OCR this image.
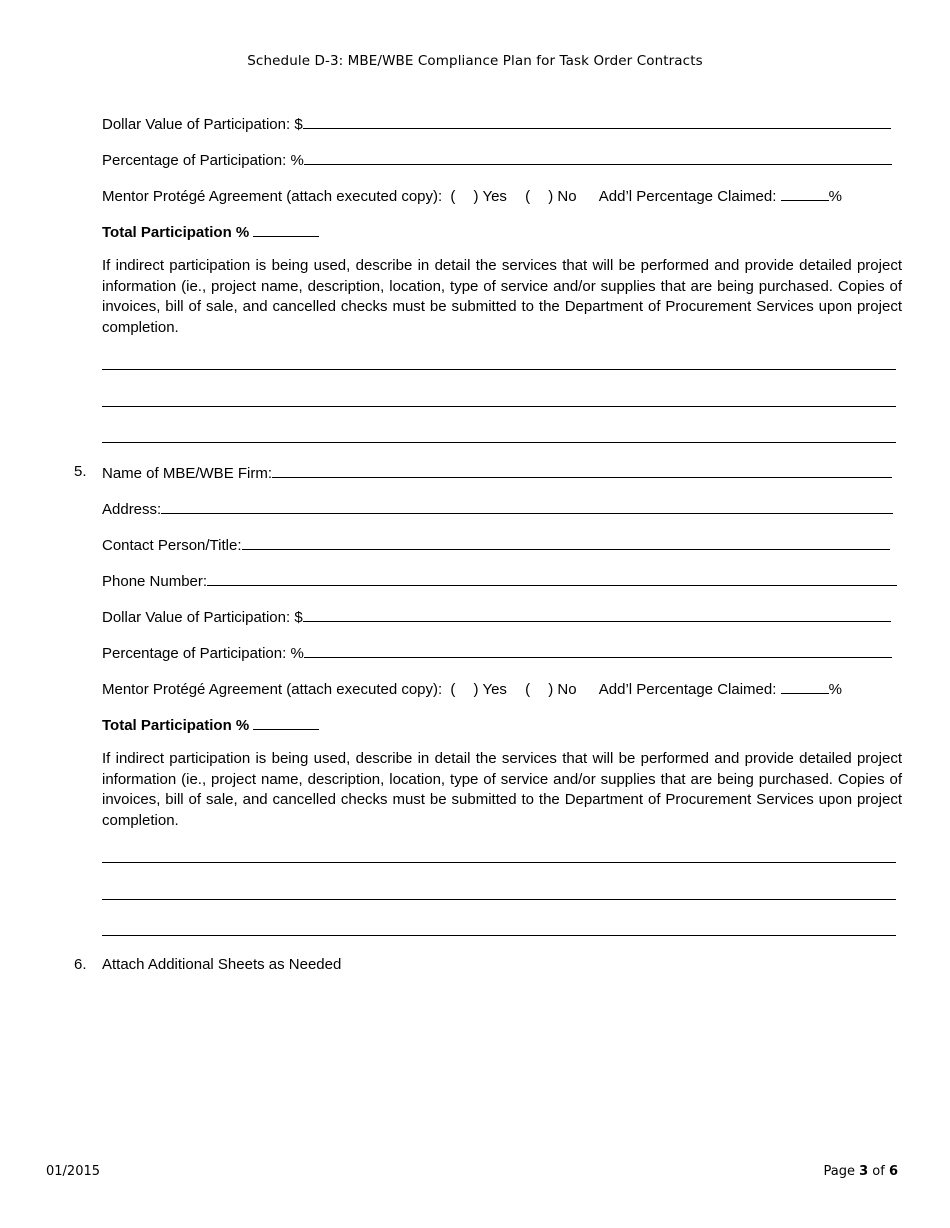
Schedule D-3: MBE/WBE Compliance Plan for Task Order Contracts
Dollar Value of Participation: $
Percentage of Participation: %
Mentor Protégé Agreement (attach executed copy): ( ) Yes ( ) No Add’l Percentage Claimed:	%
Total Participation %
If indirect participation is being used, describe in detail the services that will be performed and provide detailed project information (ie., project name, description, location, type of service and/or supplies that are being purchased. Copies of invoices, bill of sale, and cancelled checks must be submitted to the Department of Procurement Services upon project completion.
5. Name of MBE/WBE Firm:
Address:
Contact Person/Title:
Phone Number:
Dollar Value of Participation: $
Percentage of Participation: %
Mentor Protégé Agreement (attach executed copy): ( ) Yes ( ) No Add’l Percentage Claimed:	%
Total Participation %
If indirect participation is being used, describe in detail the services that will be performed and provide detailed project information (ie., project name, description, location, type of service and/or supplies that are being purchased. Copies of invoices, bill of sale, and cancelled checks must be submitted to the Department of Procurement Services upon project completion.
6. Attach Additional Sheets as Needed
01/2015	Page 3 of 6
